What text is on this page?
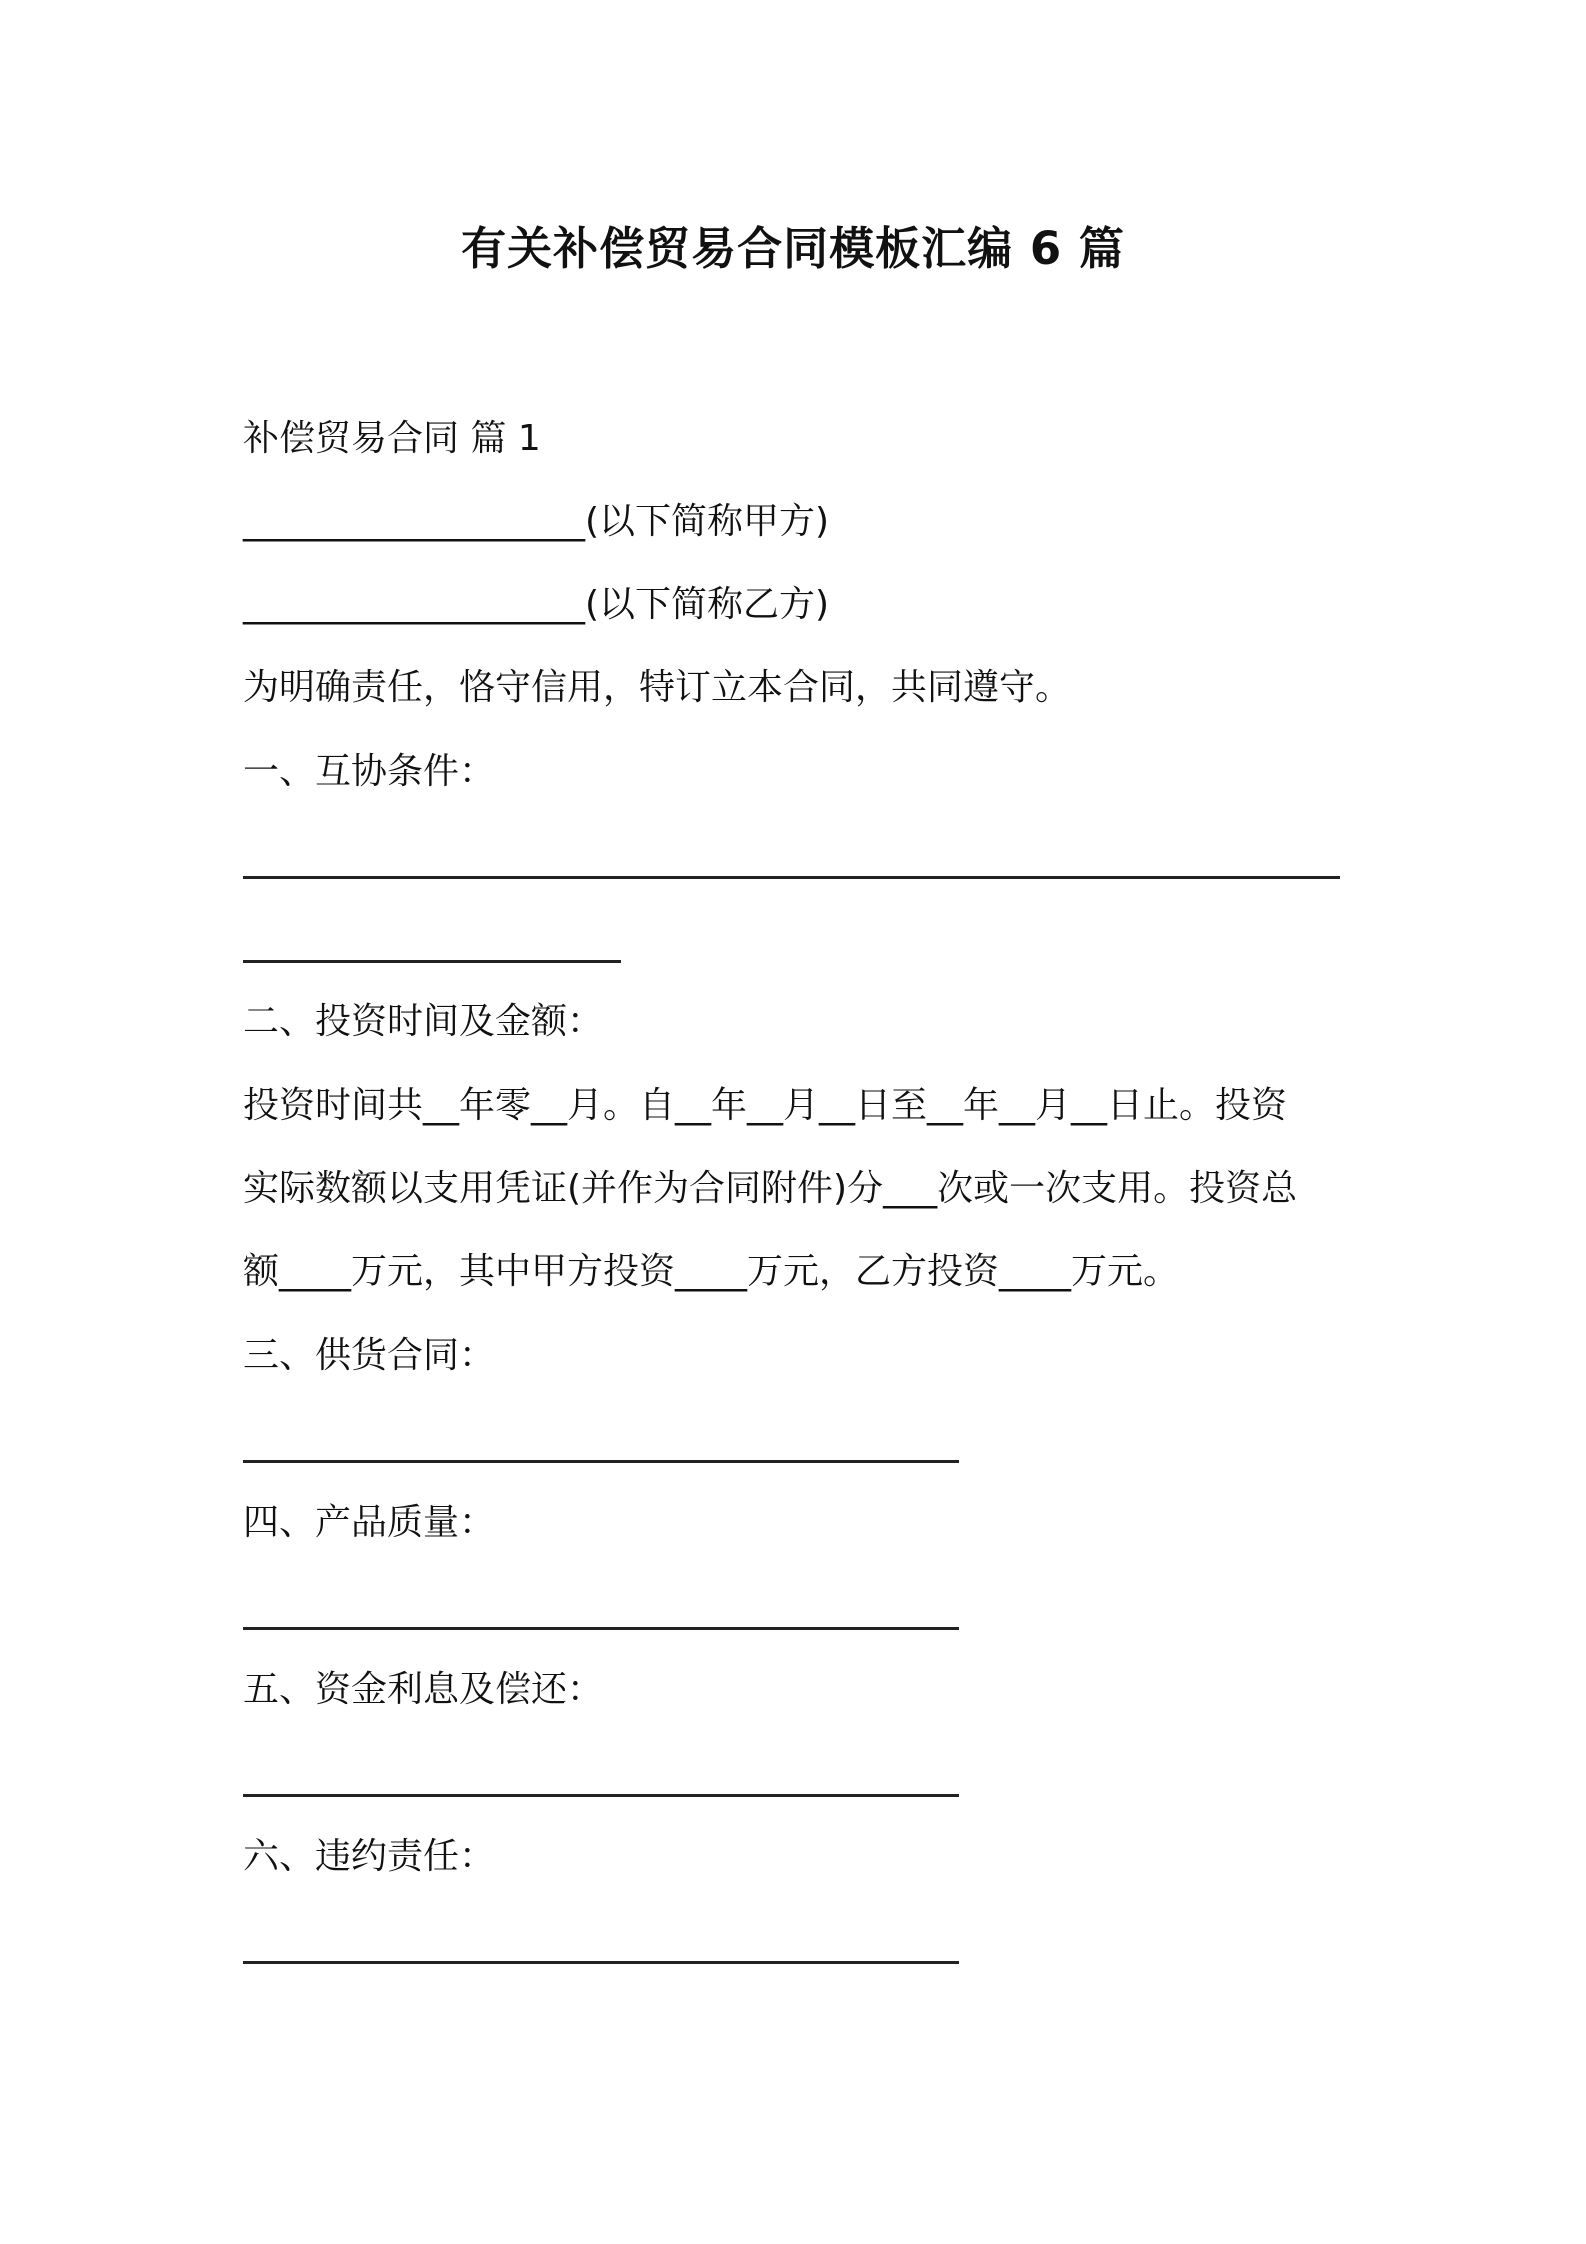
有关补偿贸易合同模板汇编 6 篇
补偿贸易合同 篇 1
___________________(以下简称甲方)
___________________(以下简称乙方)
为明确责任，恪守信用，特订立本合同，共同遵守。
一、互协条件：
二、投资时间及金额：
投资时间共__年零__月。自__年__月__日至__年__月__日止。投资
实际数额以支用凭证(并作为合同附件)分___次或一次支用。投资总
额____万元，其中甲方投资____万元，乙方投资____万元。
三、供货合同：
四、产品质量：
五、资金利息及偿还：
六、违约责任：
